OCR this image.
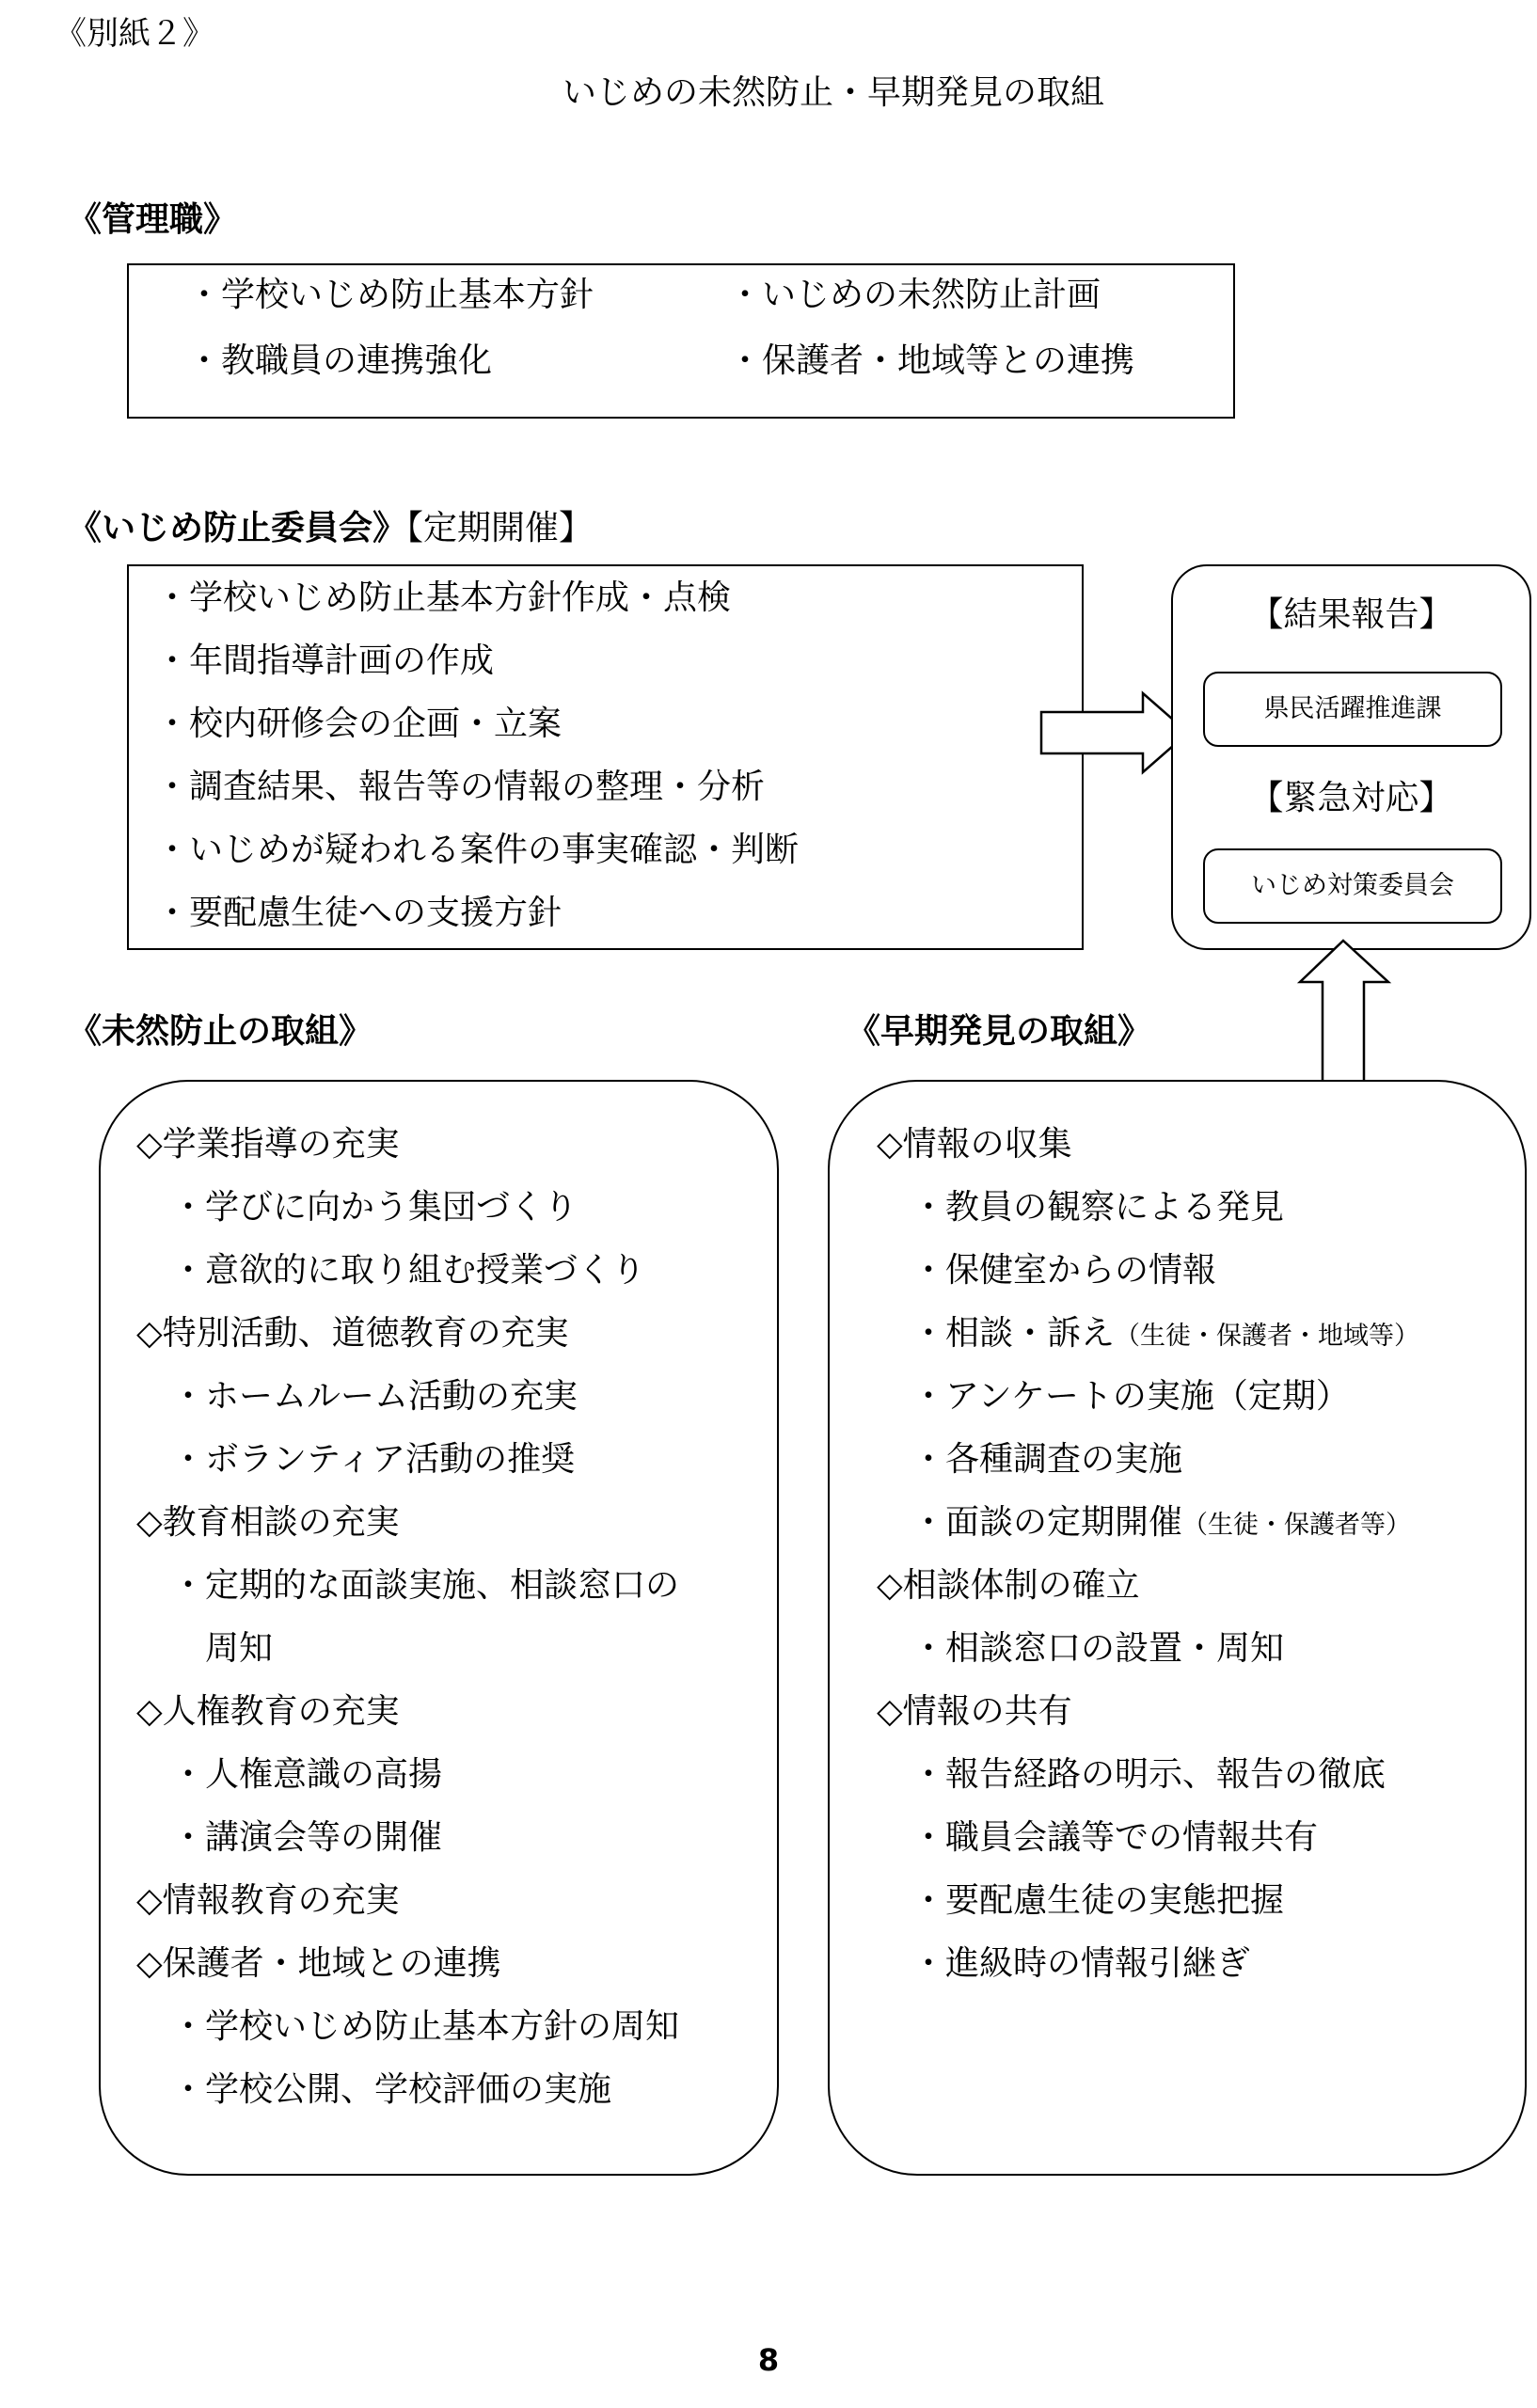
《別紙２》
いじめの未然防止・早期発見の取組
《管理職》
・学校いじめ防止基本方針	・いじめの未然防止計画
・教職員の連携強化	・保護者・地域等との連携
《いじめ防止委員会》【定期開催】
・学校いじめ防止基本方針作成・点検
・年間指導計画の作成
・校内研修会の企画・立案
・調査結果、報告等の情報の整理・分析
・いじめが疑われる案件の事実確認・判断
・要配慮生徒への支援方針
【結果報告】
県民活躍推進課
【緊急対応】
いじめ対策委員会
《未然防止の取組》	《早期発見の取組》
◇学業指導の充実
・学びに向かう集団づくり
・意欲的に取り組む授業づくり
◇特別活動、道徳教育の充実
・ホームルーム活動の充実
・ボランティア活動の推奨
◇教育相談の充実
・定期的な面談実施、相談窓口の
周知
◇人権教育の充実
・人権意識の高揚
・講演会等の開催
◇情報教育の充実
◇保護者・地域との連携
・学校いじめ防止基本方針の周知
・学校公開、学校評価の実施
◇情報の収集
・教員の観察による発見
・保健室からの情報
・相談・訴え（生徒・保護者・地域等）
・アンケートの実施（定期）
・各種調査の実施
・面談の定期開催（生徒・保護者等）
◇相談体制の確立
・相談窓口の設置・周知
◇情報の共有
・報告経路の明示、報告の徹底
・職員会議等での情報共有
・要配慮生徒の実態把握
・進級時の情報引継ぎ
8
